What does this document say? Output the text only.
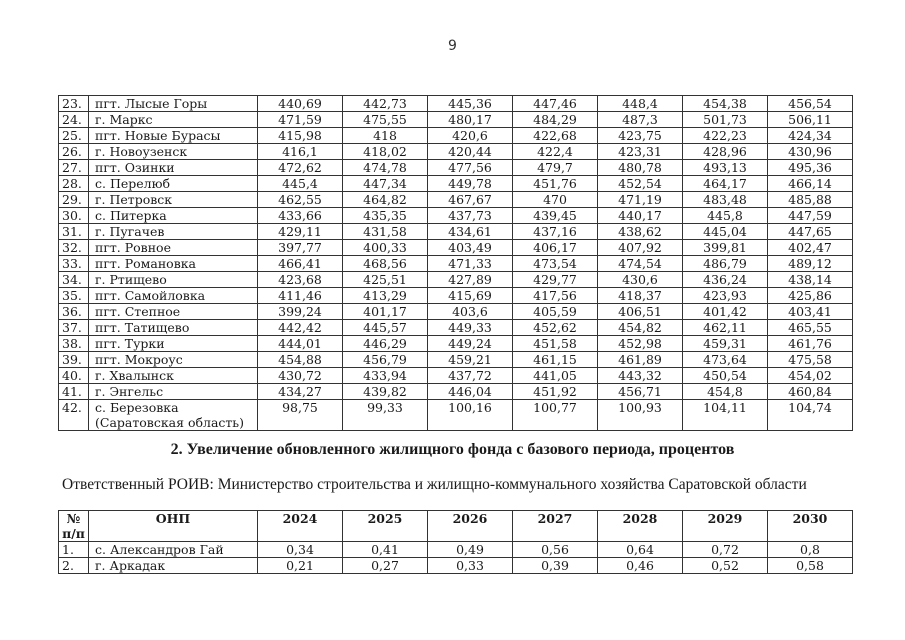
9
23.	пгт. Лысые Горы	440,69	442,73	445,36	447,46	448,4	454,38	456,54
24.	г. Маркс	471,59	475,55	480,17	484,29	487,3	501,73	506,11
25.	пгт. Новые Бурасы	415,98	418	420,6	422,68	423,75	422,23	424,34
26.	г. Новоузенск	416,1	418,02	420,44	422,4	423,31	428,96	430,96
27.	пгт. Озинки	472,62	474,78	477,56	479,7	480,78	493,13	495,36
28.	с. Перелюб	445,4	447,34	449,78	451,76	452,54	464,17	466,14
29.	г. Петровск	462,55	464,82	467,67	470	471,19	483,48	485,88
30.	с. Питерка	433,66	435,35	437,73	439,45	440,17	445,8	447,59
31.	г. Пугачев	429,11	431,58	434,61	437,16	438,62	445,04	447,65
32.	пгт. Ровное	397,77	400,33	403,49	406,17	407,92	399,81	402,47
33.	пгт. Романовка	466,41	468,56	471,33	473,54	474,54	486,79	489,12
34.	г. Ртищево	423,68	425,51	427,89	429,77	430,6	436,24	438,14
35.	пгт. Самойловка	411,46	413,29	415,69	417,56	418,37	423,93	425,86
36.	пгт. Степное	399,24	401,17	403,6	405,59	406,51	401,42	403,41
37.	пгт. Татищево	442,42	445,57	449,33	452,62	454,82	462,11	465,55
38.	пгт. Турки	444,01	446,29	449,24	451,58	452,98	459,31	461,76
39.	пгт. Мокроус	454,88	456,79	459,21	461,15	461,89	473,64	475,58
40.	г. Хвалынск	430,72	433,94	437,72	441,05	443,32	450,54	454,02
41.	г. Энгельс	434,27	439,82	446,04	451,92	456,71	454,8	460,84
42.	с. Березовка (Саратовская область)	98,75	99,33	100,16	100,77	100,93	104,11	104,74
2. Увеличение обновленного жилищного фонда с базового периода, процентов
Ответственный РОИВ: Министерство строительства и жилищно-коммунального хозяйства Саратовской области
№ п/п	ОНП	2024	2025	2026	2027	2028	2029	2030
1.	с. Александров Гай	0,34	0,41	0,49	0,56	0,64	0,72	0,8
2.	г. Аркадак	0,21	0,27	0,33	0,39	0,46	0,52	0,58
